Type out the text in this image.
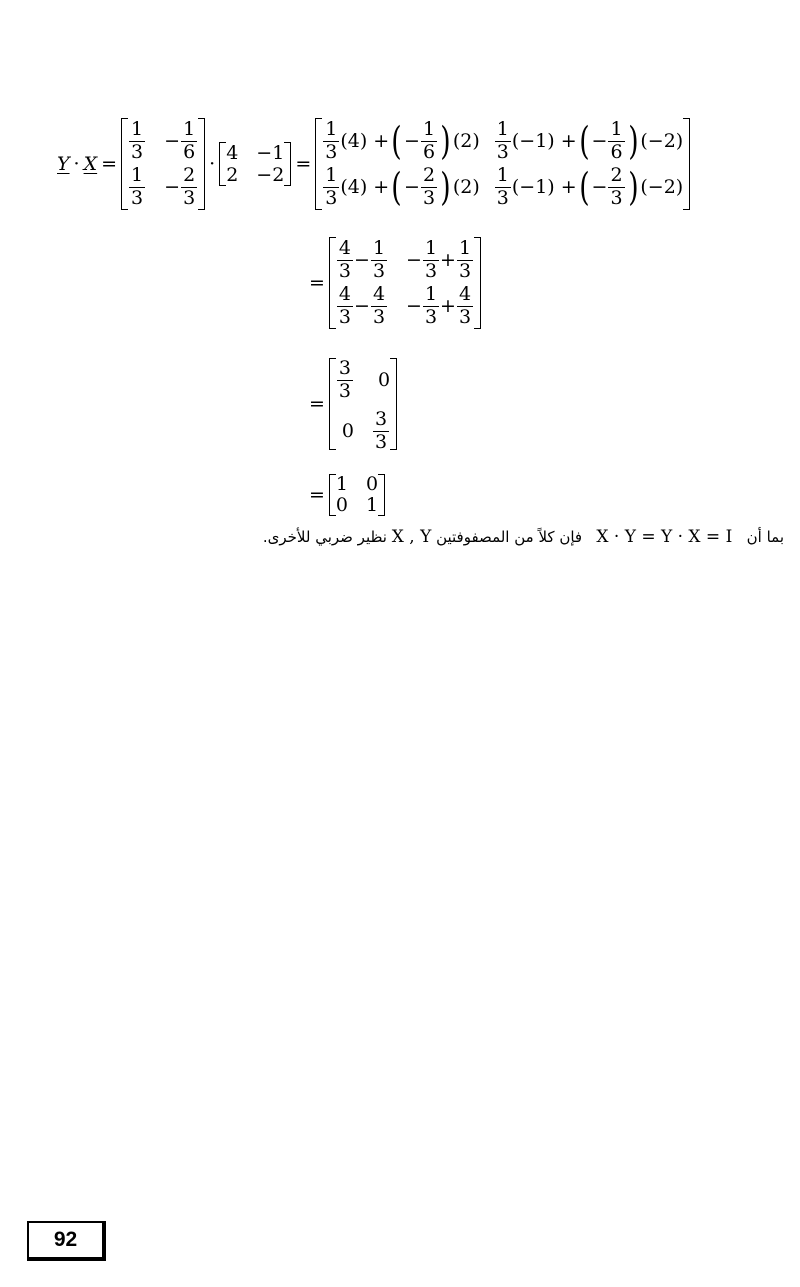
Y · X =
$\frac{1}{3} - \frac{1}{6}$
$\frac{1}{3} - \frac{2}{3}$
· 4 −1
2 −2 =
$\frac{1}{3} (4)$ + ( − $\frac{1}{6}$ ) $(2) \frac{1}{3} (-1)$ + ( − $\frac{1}{6}$ ) (−2)
$\frac{1}{3} (4)$ + ( − $\frac{2}{3}$ ) $(2) \frac{1}{3} (-1)$ + ( − $\frac{2}{3}$ ) (−2)
=
$\frac{4}{3} - \frac{1}{3} - \frac{1}{3} + \frac{1}{3}$
$\frac{4}{3} - \frac{4}{3} - \frac{1}{3} + \frac{4}{3}$
=
$\frac{3}{3} 0$
$0 \frac{3}{3}$
= 1 0
0 1
بما أن   X · Y = Y · X = I   فإن كلاً من المصفوفتين X , Y نظير ضربي للأخرى.
92
